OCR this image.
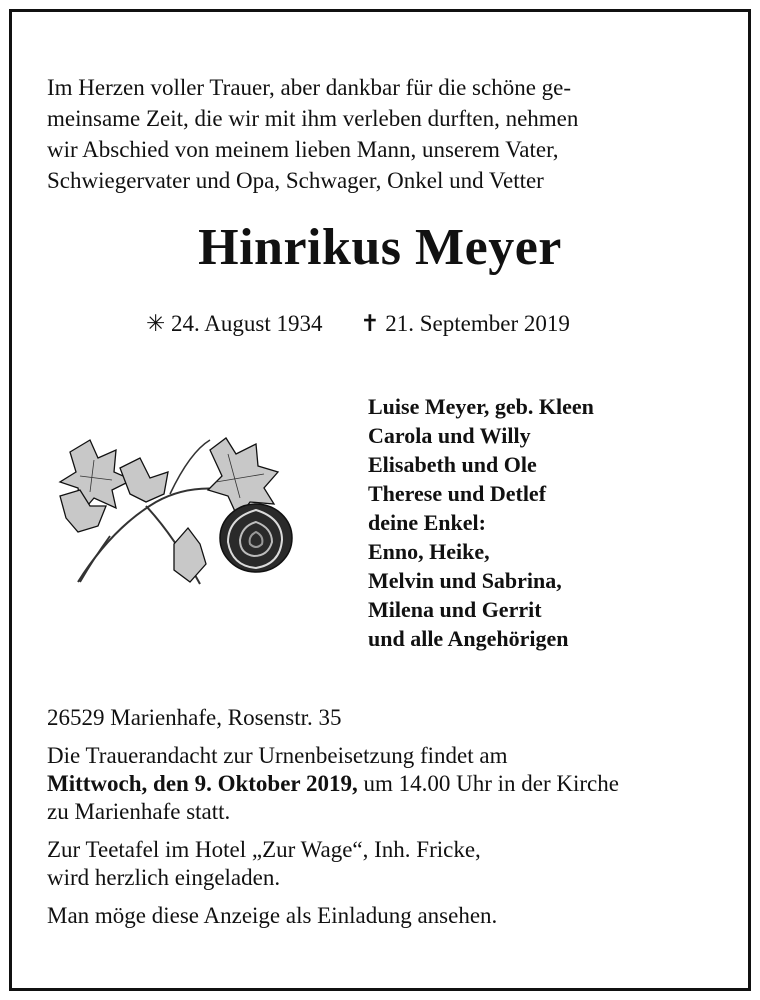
Im Herzen voller Trauer, aber dankbar für die schöne ge-
meinsame Zeit, die wir mit ihm verleben durften, nehmen
wir Abschied von meinem lieben Mann, unserem Vater,
Schwiegervater und Opa, Schwager, Onkel und Vetter
Hinrikus Meyer
✳ 24. August 1934 ✝ 21. September 2019
Luise Meyer, geb. Kleen
Carola und Willy
Elisabeth und Ole
Therese und Detlef
deine Enkel:
Enno, Heike,
Melvin und Sabrina,
Milena und Gerrit
und alle Angehörigen

26529 Marienhafe, Rosenstr. 35

Die Trauerandacht zur Urnenbeisetzung findet am
Mittwoch, den 9. Oktober 2019, um 14.00 Uhr in der Kirche
zu Marienhafe statt.

Zur Teetafel im Hotel „Zur Wage“, Inh. Fricke,
wird herzlich eingeladen.

Man möge diese Anzeige als Einladung ansehen.
